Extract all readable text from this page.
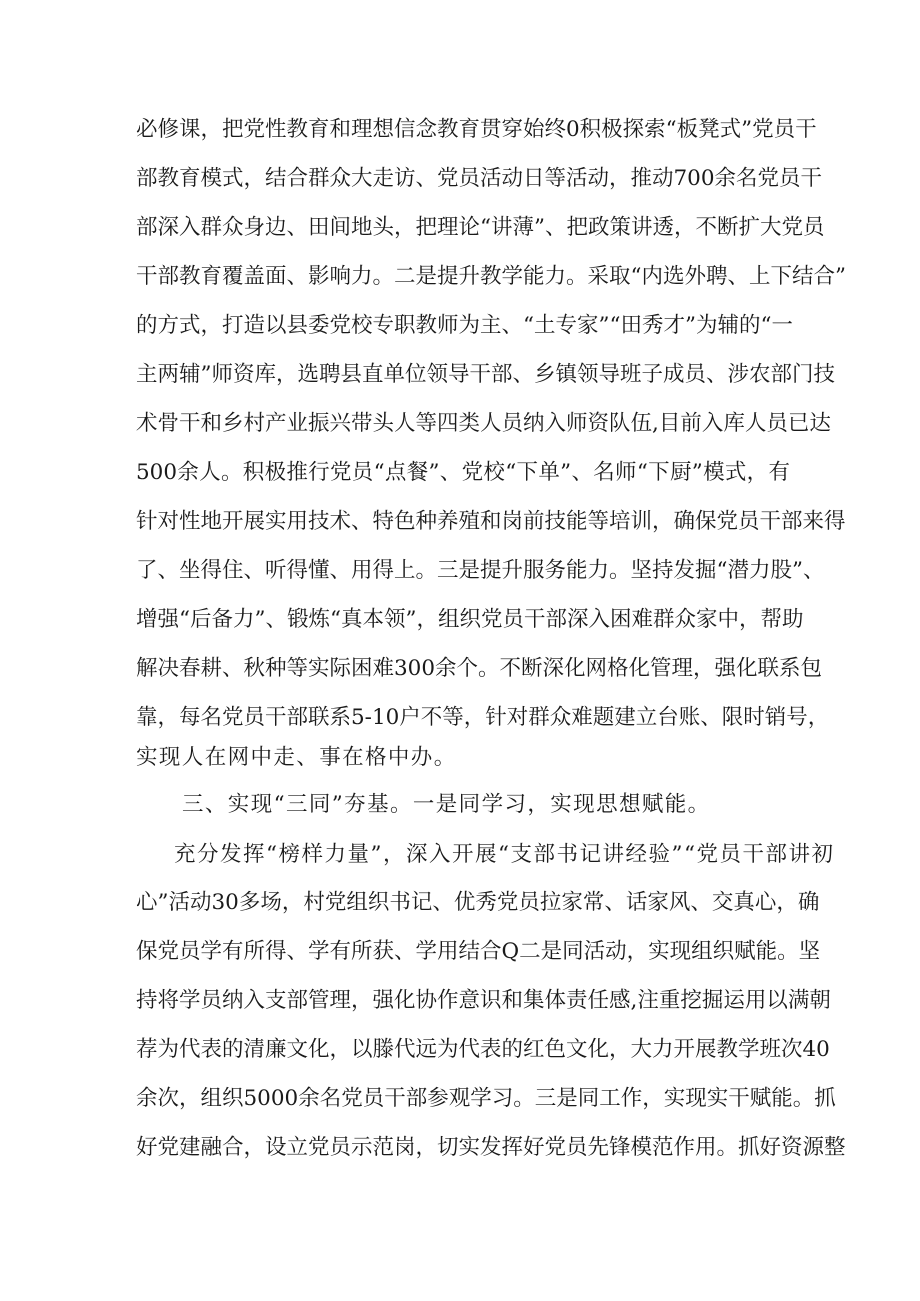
必修课，把党性教育和理想信念教育贯穿始终0积极探索“板凳式”党员干
部教育模式，结合群众大走访、党员活动日等活动，推动700余名党员干
部深入群众身边、田间地头，把理论“讲薄”、把政策讲透，不断扩大党员
干部教育覆盖面、影响力。二是提升教学能力。采取“内选外聘、上下结合”
的方式，打造以县委党校专职教师为主、“土专家”“田秀才”为辅的“一
主两辅”师资库，选聘县直单位领导干部、乡镇领导班子成员、涉农部门技
术骨干和乡村产业振兴带头人等四类人员纳入师资队伍,目前入库人员已达
500余人。积极推行党员“点餐”、党校“下单”、名师“下厨”模式，有
针对性地开展实用技术、特色种养殖和岗前技能等培训，确保党员干部来得
了、坐得住、听得懂、用得上。三是提升服务能力。坚持发掘“潜力股”、
增强“后备力”、锻炼“真本领”，组织党员干部深入困难群众家中，帮助
解决春耕、秋种等实际困难300余个。不断深化网格化管理，强化联系包
靠，每名党员干部联系5-10户不等，针对群众难题建立台账、限时销号，
实现人在网中走、事在格中办。
三、实现“三同”夯基。一是同学习，实现思想赋能。
充分发挥“榜样力量”，深入开展“支部书记讲经验”“党员干部讲初
心”活动30多场，村党组织书记、优秀党员拉家常、话家风、交真心，确
保党员学有所得、学有所获、学用结合Q二是同活动，实现组织赋能。坚
持将学员纳入支部管理，强化协作意识和集体责任感,注重挖掘运用以满朝
荐为代表的清廉文化，以滕代远为代表的红色文化，大力开展教学班次40
余次，组织5000余名党员干部参观学习。三是同工作，实现实干赋能。抓
好党建融合，设立党员示范岗，切实发挥好党员先锋模范作用。抓好资源整
